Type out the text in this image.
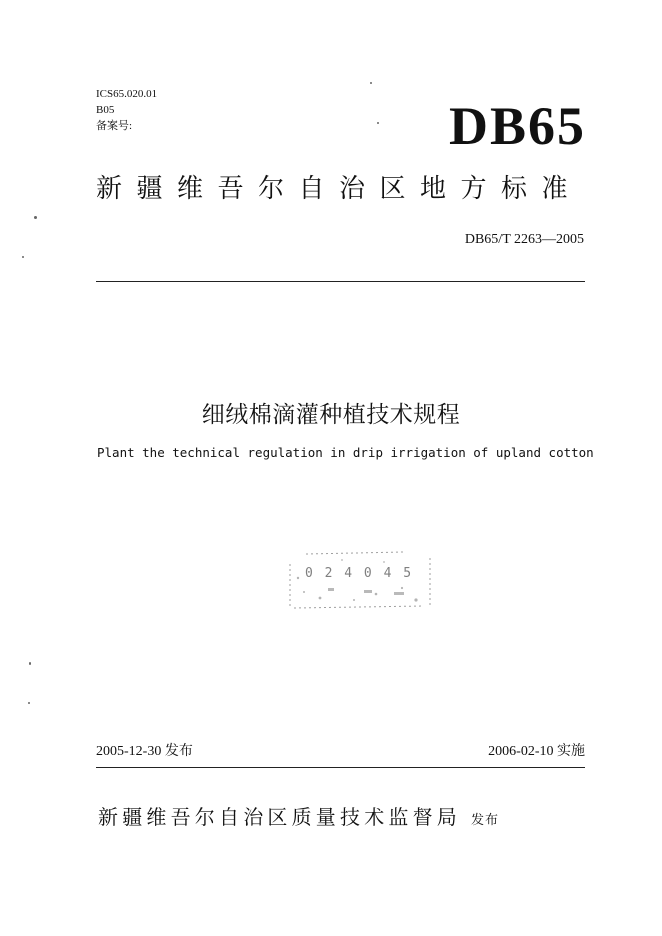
ICS65.020.01
B05
备案号:	DB65
新疆维吾尔自治区地方标准
DB65/T 2263—2005
细绒棉滴灌种植技术规程
Plant the technical regulation in drip irrigation of upland cotton
0 2 4 0 4 5
2005-12-30 发布	2006-02-10 实施
新疆维吾尔自治区质量技术监督局 发布
